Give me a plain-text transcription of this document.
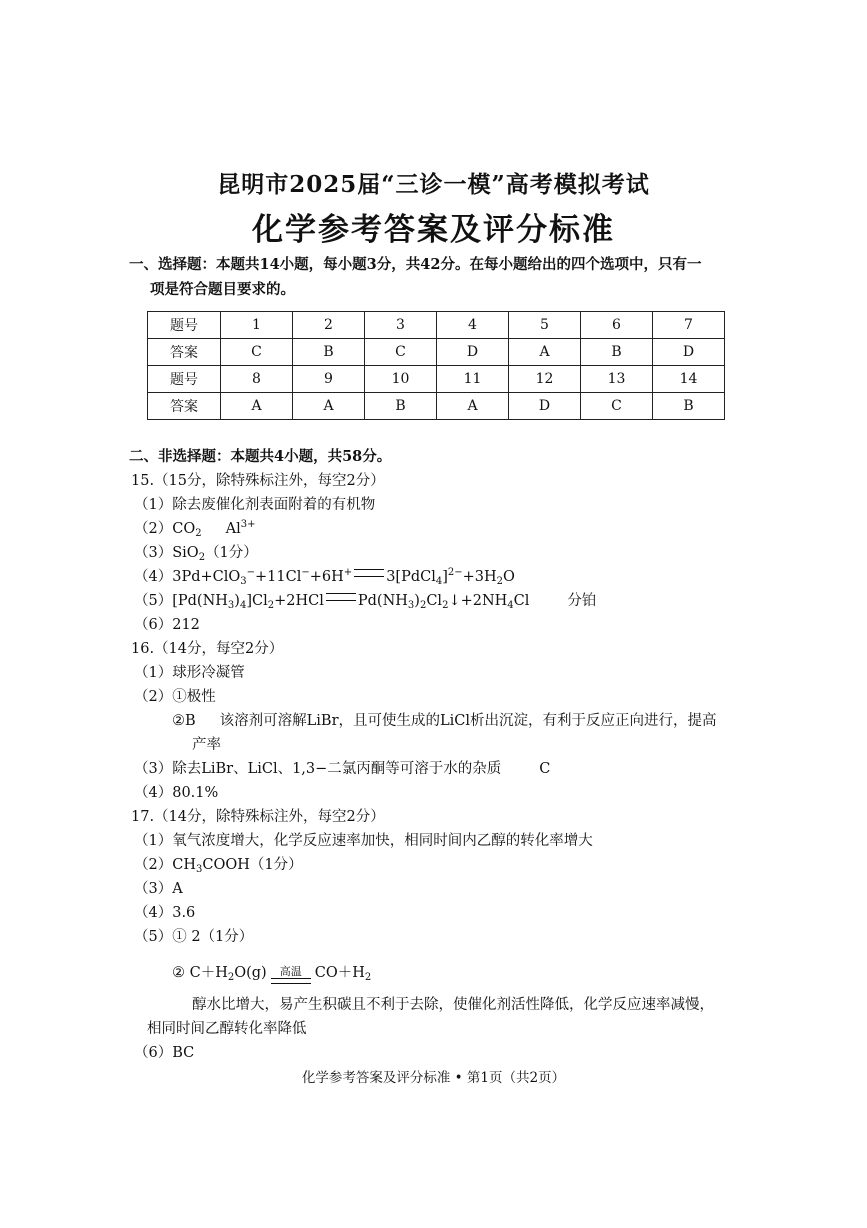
昆明市2025届“三诊一模”高考模拟考试
化学参考答案及评分标准
一、选择题：本题共14小题，每小题3分，共42分。在每小题给出的四个选项中，只有一
项是符合题目要求的。
题号	1	2	3	4	5	6	7
答案	C	B	C	D	A	B	D
题号	8	9	10	11	12	13	14
答案	A	A	B	A	D	C	B
二、非选择题：本题共4小题，共58分。
15.（15分，除特殊标注外，每空2分）
（1）除去废催化剂表面附着的有机物
$(2)CO_2$ $Al^{3+}$
（3）SiO$_2$（1分）
（4）3Pd+ClO$_3$−+11Cl−+6H+ $3[PdCl_4]^{2-}+3H_2O$
$(5)[Pd(NH_3)_4]Cl_2+2HCl$ $Pd(NH_3)_2Cl_2↓+2NH_4Cl$	分铂
（6）212
16.（14分，每空2分）
（1）球形冷凝管
（2）①极性
②B 该溶剂可溶解LiBr，且可使生成的LiCl析出沉淀，有利于反应正向进行，提高
产率
（3）除去LiBr、LiCl、1,3−二氯丙酮等可溶于水的杂质	C
（4）80.1%
17.（14分，除特殊标注外，每空2分）
（1）氧气浓度增大，化学反应速率加快，相同时间内乙醇的转化率增大
$(2)CH_3COOH(1$分）
（3）A
（4）3.6
（5）① 2（1分）
② $C+H_2O(g)$ 高温 $CO+H_2$
醇水比增大，易产生积碳且不利于去除，使催化剂活性降低，化学反应速率减慢，
相同时间乙醇转化率降低
（6）BC
化学参考答案及评分标准 • 第1页（共2页）
